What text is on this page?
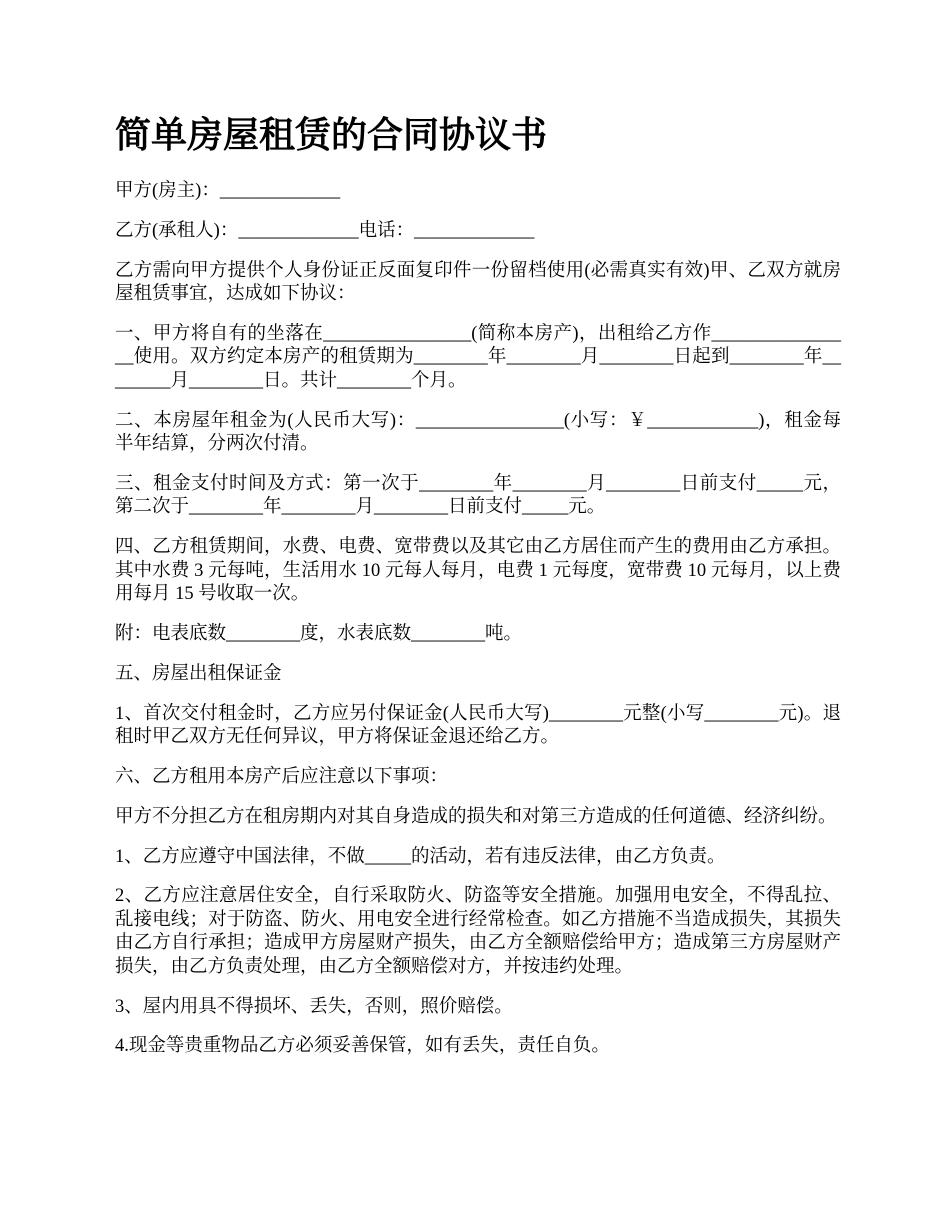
简单房屋租赁的合同协议书
甲方(房主)：_____________
乙方(承租人)：_____________电话：_____________
乙方需向甲方提供个人身份证正反面复印件一份留档使用(必需真实有效)甲、乙双方就房
屋租赁事宜，达成如下协议：
一、甲方将自有的坐落在________________(简称本房产)，出租给乙方作______________
__使用。双方约定本房产的租赁期为________年________月________日起到________年__
______月________日。共计________个月。
二、本房屋年租金为(人民币大写)：________________(小写：￥____________)，租金每
半年结算，分两次付清。
三、租金支付时间及方式：第一次于________年________月________日前支付_____元，
第二次于________年________月________日前支付_____元。
四、乙方租赁期间，水费、电费、宽带费以及其它由乙方居住而产生的费用由乙方承担。
其中水费 3 元每吨，生活用水 10 元每人每月，电费 1 元每度，宽带费 10 元每月，以上费
用每月 15 号收取一次。
附：电表底数________度，水表底数________吨。
五、房屋出租保证金
1、首次交付租金时，乙方应另付保证金(人民币大写)________元整(小写________元)。退
租时甲乙双方无任何异议，甲方将保证金退还给乙方。
六、乙方租用本房产后应注意以下事项：
甲方不分担乙方在租房期内对其自身造成的损失和对第三方造成的任何道德、经济纠纷。
1、乙方应遵守中国法律，不做_____的活动，若有违反法律，由乙方负责。
2、乙方应注意居住安全，自行采取防火、防盗等安全措施。加强用电安全，不得乱拉、
乱接电线；对于防盗、防火、用电安全进行经常检查。如乙方措施不当造成损失，其损失
由乙方自行承担；造成甲方房屋财产损失，由乙方全额赔偿给甲方；造成第三方房屋财产
损失，由乙方负责处理，由乙方全额赔偿对方，并按违约处理。
3、屋内用具不得损坏、丢失，否则，照价赔偿。
4.现金等贵重物品乙方必须妥善保管，如有丢失，责任自负。
